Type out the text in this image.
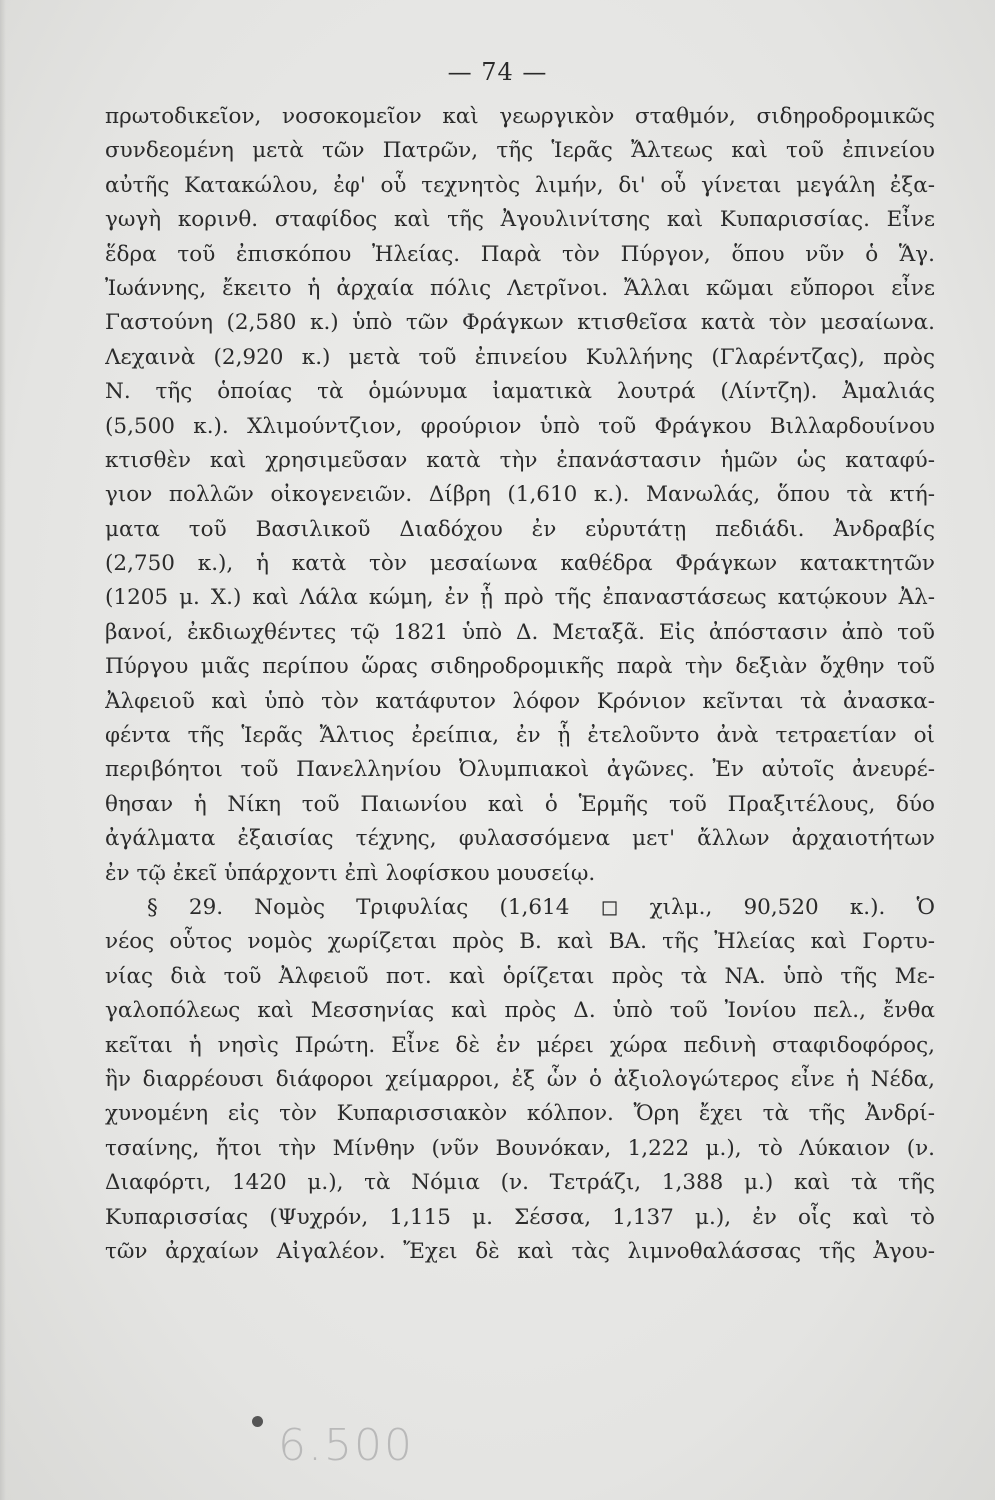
— 74 —
πρωτοδικεῖον, νοσοκομεῖον καὶ γεωργικὸν σταθμόν, σιδηροδρομικῶς
συνδεομένη μετὰ τῶν Πατρῶν, τῆς Ἱερᾶς Ἄλτεως καὶ τοῦ ἐπινείου
αὐτῆς Κατακώλου, ἐφ' οὗ τεχνητὸς λιμήν, δι' οὗ γίνεται μεγάλη ἐξα-
γωγὴ κορινθ. σταφίδος καὶ τῆς Ἀγουλινίτσης καὶ Κυπαρισσίας. Εἶνε
ἕδρα τοῦ ἐπισκόπου Ἠλείας. Παρὰ τὸν Πύργον, ὅπου νῦν ὁ Ἅγ.
Ἰωάννης, ἔκειτο ἡ ἀρχαία πόλις Λετρῖνοι. Ἄλλαι κῶμαι εὔποροι εἶνε
Γαστούνη (2,580 κ.) ὑπὸ τῶν Φράγκων κτισθεῖσα κατὰ τὸν μεσαίωνα.
Λεχαινὰ (2,920 κ.) μετὰ τοῦ ἐπινείου Κυλλήνης (Γλαρέντζας), πρὸς
Ν. τῆς ὁποίας τὰ ὁμώνυμα ἰαματικὰ λουτρά (Λίντζη). Ἀμαλιάς
(5,500 κ.). Χλιμούντζιον, φρούριον ὑπὸ τοῦ Φράγκου Βιλλαρδουίνου
κτισθὲν καὶ χρησιμεῦσαν κατὰ τὴν ἐπανάστασιν ἡμῶν ὡς καταφύ-
γιον πολλῶν οἰκογενειῶν. Δίβρη (1,610 κ.). Μανωλάς, ὅπου τὰ κτή-
ματα τοῦ Βασιλικοῦ Διαδόχου ἐν εὐρυτάτῃ πεδιάδι. Ἀνδραβίς
(2,750 κ.), ἡ κατὰ τὸν μεσαίωνα καθέδρα Φράγκων κατακτητῶν
(1205 μ. Χ.) καὶ Λάλα κώμη, ἐν ᾗ πρὸ τῆς ἐπαναστάσεως κατῴκουν Ἀλ-
βανοί, ἐκδιωχθέντες τῷ 1821 ὑπὸ Δ. Μεταξᾶ. Εἰς ἀπόστασιν ἀπὸ τοῦ
Πύργου μιᾶς περίπου ὥρας σιδηροδρομικῆς παρὰ τὴν δεξιὰν ὄχθην τοῦ
Ἀλφειοῦ καὶ ὑπὸ τὸν κατάφυτον λόφον Κρόνιον κεῖνται τὰ ἀνασκα-
φέντα τῆς Ἱερᾶς Ἄλτιος ἐρείπια, ἐν ᾗ ἐτελοῦντο ἀνὰ τετραετίαν οἱ
περιβόητοι τοῦ Πανελληνίου Ὀλυμπιακοὶ ἀγῶνες. Ἐν αὐτοῖς ἀνευρέ-
θησαν ἡ Νίκη τοῦ Παιωνίου καὶ ὁ Ἑρμῆς τοῦ Πραξιτέλους, δύο
ἀγάλματα ἐξαισίας τέχνης, φυλασσόμενα μετ' ἄλλων ἀρχαιοτήτων
ἐν τῷ ἐκεῖ ὑπάρχοντι ἐπὶ λοφίσκου μουσείῳ.
§ 29. Νομὸς Τριφυλίας (1,614 ◻ χιλμ., 90,520 κ.). Ὁ
νέος οὗτος νομὸς χωρίζεται πρὸς Β. καὶ ΒΑ. τῆς Ἠλείας καὶ Γορτυ-
νίας διὰ τοῦ Ἀλφειοῦ ποτ. καὶ ὁρίζεται πρὸς τὰ ΝΑ. ὑπὸ τῆς Με-
γαλοπόλεως καὶ Μεσσηνίας καὶ πρὸς Δ. ὑπὸ τοῦ Ἰονίου πελ., ἔνθα
κεῖται ἡ νησὶς Πρώτη. Εἶνε δὲ ἐν μέρει χώρα πεδινὴ σταφιδοφόρος,
ἣν διαρρέουσι διάφοροι χείμαρροι, ἐξ ὧν ὁ ἀξιολογώτερος εἶνε ἡ Νέδα,
χυνομένη εἰς τὸν Κυπαρισσιακὸν κόλπον. Ὄρη ἔχει τὰ τῆς Ἀνδρί-
τσαίνης, ἤτοι τὴν Μίνθην (νῦν Βουνόκαν, 1,222 μ.), τὸ Λύκαιον (ν.
Διαφόρτι, 1420 μ.), τὰ Νόμια (ν. Τετράζι, 1,388 μ.) καὶ τὰ τῆς
Κυπαρισσίας (Ψυχρόν, 1,115 μ. Σέσσα, 1,137 μ.), ἐν οἷς καὶ τὸ
τῶν ἀρχαίων Αἰγαλέον. Ἔχει δὲ καὶ τὰς λιμνοθαλάσσας τῆς Ἀγου-
6.500
